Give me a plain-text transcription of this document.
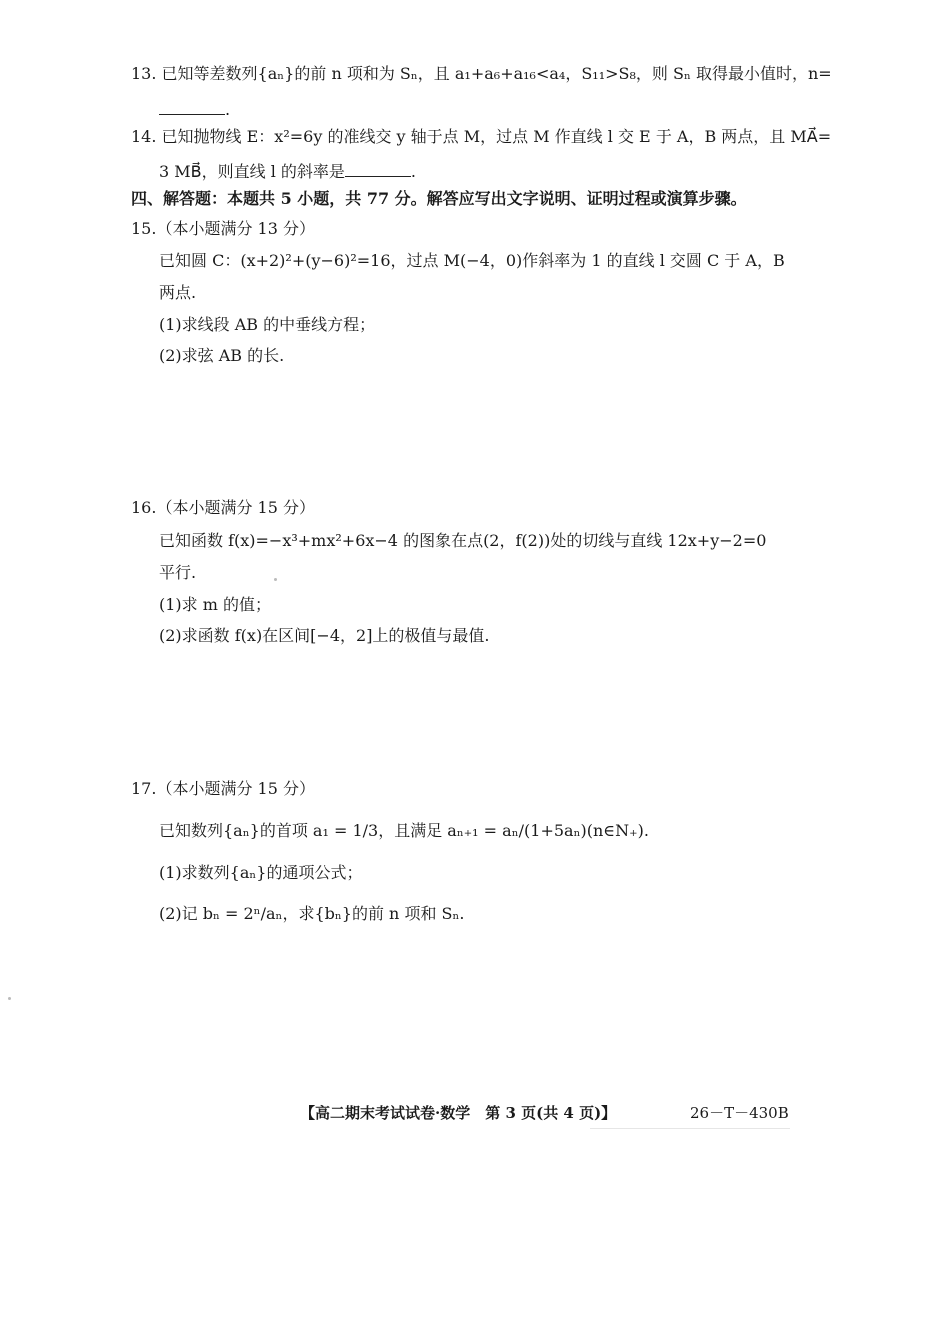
13. 已知等差数列{aₙ}的前 n 项和为 Sₙ，且 a₁+a₆+a₁₆<a₄，S₁₁>S₈，则 Sₙ 取得最小值时，n=
.
14. 已知抛物线 E：x²=6y 的准线交 y 轴于点 M，过点 M 作直线 l 交 E 于 A，B 两点，且 MA⃗=
3 MB⃗，则直线 l 的斜率是	.
四、解答题：本题共 5 小题，共 77 分。解答应写出文字说明、证明过程或演算步骤。
15.（本小题满分 13 分）
已知圆 C：(x+2)²+(y−6)²=16，过点 M(−4，0)作斜率为 1 的直线 l 交圆 C 于 A，B
两点.
(1)求线段 AB 的中垂线方程；
(2)求弦 AB 的长.
16.（本小题满分 15 分）
已知函数 f(x)=−x³+mx²+6x−4 的图象在点(2，f(2))处的切线与直线 12x+y−2=0
平行.
(1)求 m 的值；
(2)求函数 f(x)在区间[−4，2]上的极值与最值.
17.（本小题满分 15 分）
已知数列{aₙ}的首项 a₁ = 1/3，且满足 aₙ₊₁ = aₙ/(1+5aₙ)(n∈N₊).
(1)求数列{aₙ}的通项公式；
(2)记 bₙ = 2ⁿ/aₙ，求{bₙ}的前 n 项和 Sₙ.
【高二期末考试试卷·数学　第 3 页(共 4 页)】	26－T－430B
